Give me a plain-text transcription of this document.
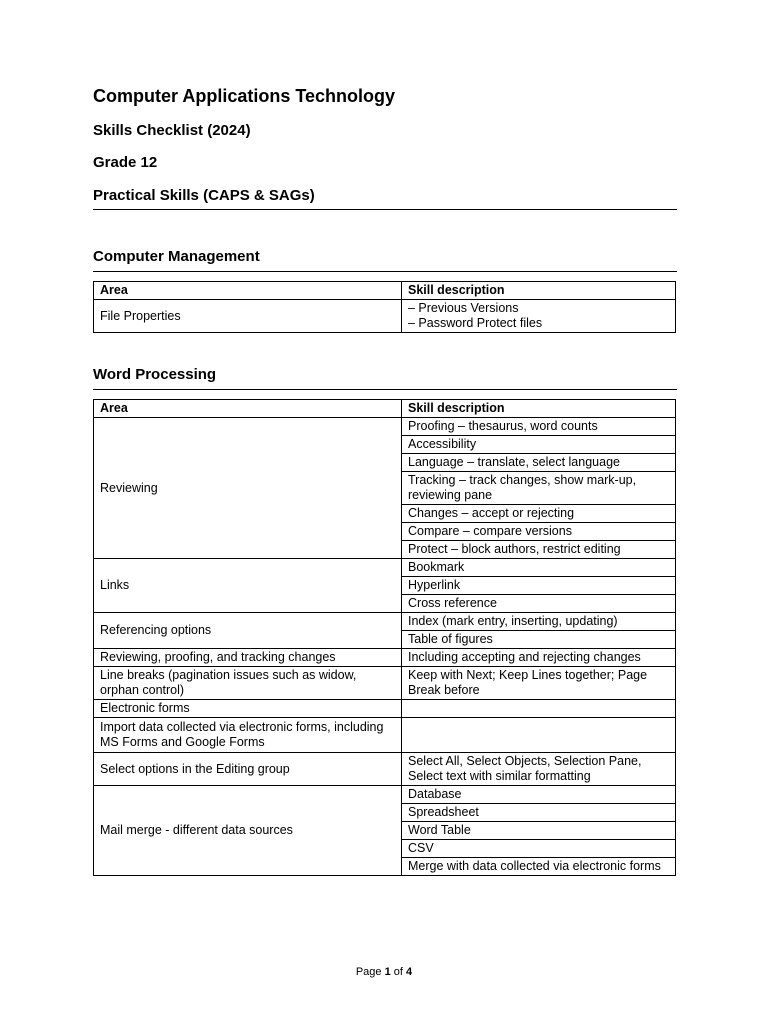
Computer Applications Technology
Skills Checklist (2024)
Grade 12
Practical Skills (CAPS & SAGs)
Computer Management
Area	Skill description
File Properties	– Previous Versions
– Password Protect files
Word Processing
Area	Skill description
Reviewing	Proofing – thesaurus, word counts
	Accessibility
	Language – translate, select language
	Tracking – track changes, show mark-up, reviewing pane
	Changes – accept or rejecting
	Compare – compare versions
	Protect – block authors, restrict editing
Links	Bookmark
	Hyperlink
	Cross reference
Referencing options	Index (mark entry, inserting, updating)
	Table of figures
Reviewing, proofing, and tracking changes	Including accepting and rejecting changes
Line breaks (pagination issues such as widow, orphan control)	Keep with Next; Keep Lines together; Page Break before
Electronic forms	
Import data collected via electronic forms, including MS Forms and Google Forms	
Select options in the Editing group	Select All, Select Objects, Selection Pane, Select text with similar formatting
Mail merge - different data sources	Database
	Spreadsheet
	Word Table
	CSV
	Merge with data collected via electronic forms
Page 1 of 4
